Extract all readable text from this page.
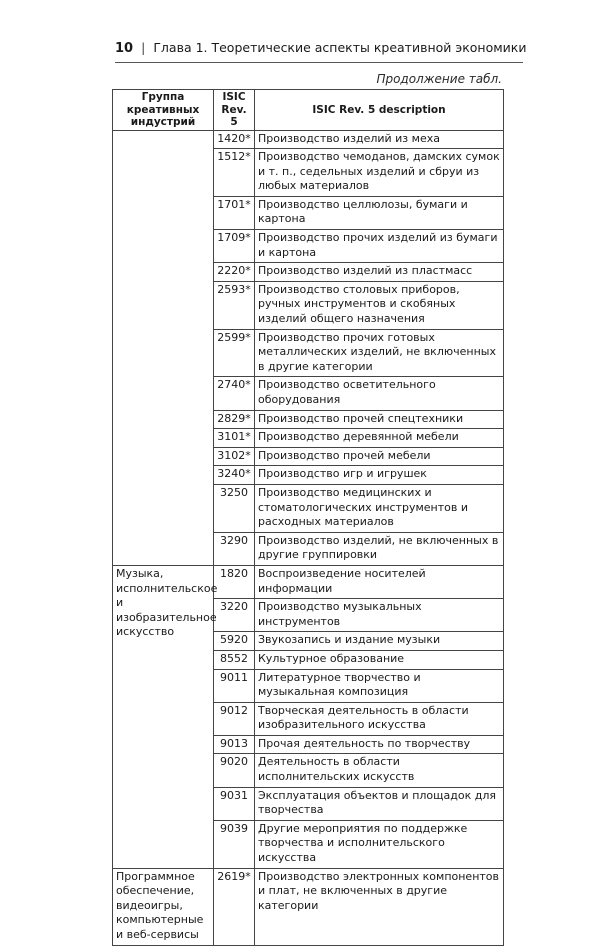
10 | Глава 1. Теоретические аспекты креативной экономики
Продолжение табл.
Группа креативных индустрий	ISIC Rev. 5	ISIC Rev. 5 description
	1420*	Производство изделий из меха
	1512*	Производство чемоданов, дамских сумок и т. п., седельных изделий и сбруи из любых материалов
	1701*	Производство целлюлозы, бумаги и картона
	1709*	Производство прочих изделий из бумаги и картона
	2220*	Производство изделий из пластмасс
	2593*	Производство столовых приборов, ручных инструментов и скобяных изделий общего назначения
	2599*	Производство прочих готовых металлических изделий, не включенных в другие категории
	2740*	Производство осветительного оборудования
	2829*	Производство прочей спецтехники
	3101*	Производство деревянной мебели
	3102*	Производство прочей мебели
	3240*	Производство игр и игрушек
	3250	Производство медицинских и стоматологических инструментов и расходных материалов
	3290	Производство изделий, не включенных в другие группировки
Музыка, исполнительское и изобразительное искусство	1820	Воспроизведение носителей информации
	3220	Производство музыкальных инструментов
	5920	Звукозапись и издание музыки
	8552	Культурное образование
	9011	Литературное творчество и музыкальная композиция
	9012	Творческая деятельность в области изобразительного искусства
	9013	Прочая деятельность по творчеству
	9020	Деятельность в области исполнительских искусств
	9031	Эксплуатация объектов и площадок для творчества
	9039	Другие мероприятия по поддержке творчества и исполнительского искусства
Программное обеспечение, видеоигры, компьютерные и веб-сервисы	2619*	Производство электронных компонентов и плат, не включенных в другие категории
